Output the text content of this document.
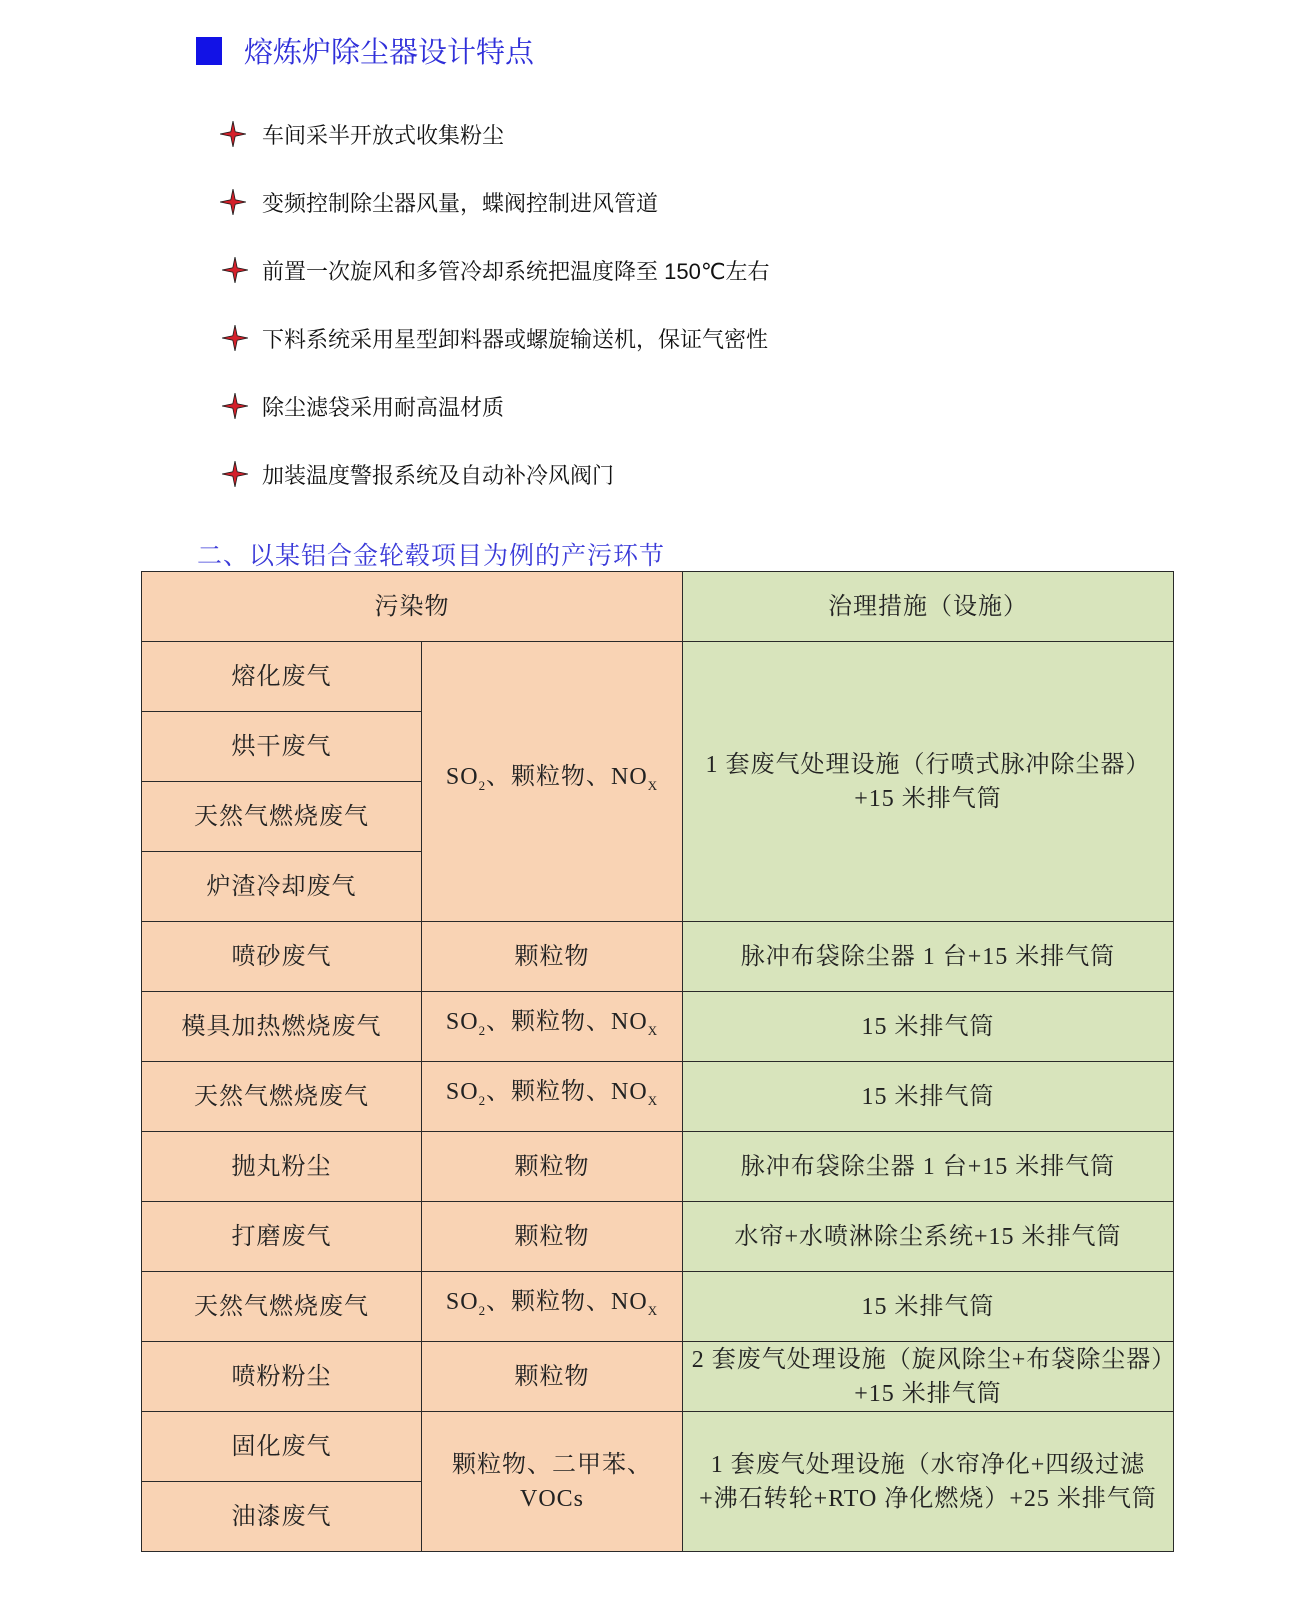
熔炼炉除尘器设计特点
车间采半开放式收集粉尘
变频控制除尘器风量，蝶阀控制进风管道
前置一次旋风和多管冷却系统把温度降至 150℃左右
下料系统采用星型卸料器或螺旋输送机，保证气密性
除尘滤袋采用耐高温材质
加装温度警报系统及自动补冷风阀门
二、以某铝合金轮毂项目为例的产污环节
污染物		治理措施（设施）
熔化废气	$SO_2$、颗粒物、$NO_X$	1 套废气处理设施（行喷式脉冲除尘器）+15 米排气筒
烘干废气		
天然气燃烧废气		
炉渣冷却废气		
喷砂废气	颗粒物	脉冲布袋除尘器 1 台+15 米排气筒
模具加热燃烧废气	$SO_2$、颗粒物、$NO_X$	15 米排气筒
天然气燃烧废气	$SO_2$、颗粒物、$NO_X$	15 米排气筒
抛丸粉尘	颗粒物	脉冲布袋除尘器 1 台+15 米排气筒
打磨废气	颗粒物	水帘+水喷淋除尘系统+15 米排气筒
天然气燃烧废气	$SO_2$、颗粒物、$NO_X$	15 米排气筒
喷粉粉尘	颗粒物	2 套废气处理设施（旋风除尘+布袋除尘器）+15 米排气筒
固化废气	颗粒物、二甲苯、VOCs	1 套废气处理设施（水帘净化+四级过滤+沸石转轮+RTO 净化燃烧）+25 米排气筒
油漆废气		
